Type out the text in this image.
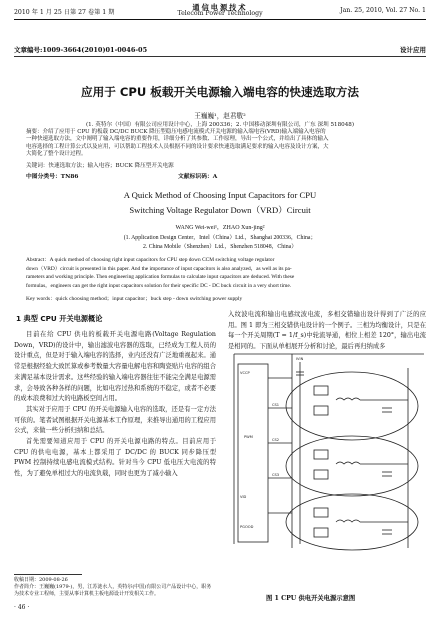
2010 年 1 月 25 日第 27 卷第 1 期
通信电源技术
Telecom Power Technology	Jan. 25, 2010, Vol. 27 No. 1
文章编号:1009-3664(2010)01-0046-05	设计应用
应用于 CPU 板载开关电源输入端电容的快速选取方法
王巍巍¹，赵君敬²
(1. 英特尔（中国）有限公司应用设计中心，上海 200336；2. 中国移动深圳有限公司，广东 深圳 518048)

摘要：介绍了应用于 CPU 的板载 DC/DC BUCK 降压型稳压电感电流模式开关电源的输入端电容(VRD)输入端输入电容的

一种快速选取方法，文中阐明了输入端电容的重要作用，详细分析了其参数、工作原理，导出一个公式，并给出了具体的输入

电容选择的工程计算公式以及应用，可以帮助工程技术人员根据不同的设计要求快速选取满足要求的输入电容及设计方案，大

大简化了整个设计过程。

关键词：快速选取方法；输入电容；BUCK 降压型开关电源
中图分类号：TN86	文献标识码：A
A Quick Method of Choosing Input Capacitors for CPU
Switching Voltage Regulator Down（VRD）Circuit
WANG Wei-wei¹，ZHAO Xun-jing²
(1. Application Design Center，Intel（China）Ltd.，Shanghai 200336，China；
2. China Mobile（Shenzhen）Ltd.，Shenzhen 518048，China）

Abstract：A quick method of choosing right input capacitors for CPU step down CCM switching voltage regulator

down（VRD）circuit is presented in this paper. And the importance of input capacitors is also analyzed，as well as its pa-

rameters and working principle. Then engineering application formulas to calculate input capacitors are deduced. With these

formulas，engineers can get the right input capacitors solution for their specific DC - DC buck circuit in a very short time.

Key words：quick choosing method；input capacitor；buck step - down switching power supply
1 典型 CPU 开关电源概论

目前在给 CPU 供电的板载开关电源电路(Voltage Regulation Down，VRD)的设计中，输出滤波电容器的选取，已经成为工程人员的设计重点，但是对于输入端电容的选择，业内还没有广泛地重视起来。通常是根据经验大致匡算或参考数量大容量电解电容和陶瓷贴片电容的组合来满足基本设计需求。这些经验的输入端电容器往往不能完全满足电源需求，会导致各种各样的问题，比如电容过热和系统的不稳定，或者不必要的成本浪费和过大的电路板空间占用。

其实对于应用于 CPU 的开关电源输入电容的选取，还是有一定方法可依的。笔者试图根据开关电源基本工作原理，来推导出通用的工程应用公式，来做一些分析归纳和总结。

首先需要知道应用于 CPU 的开关电源电路的特点。目前应用于 CPU 的供电电源，基本上都采用了 DC/DC 的 BUCK 同步降压型 PWM 控制持续电感电流模式结构。针对当今 CPU 低电压大电流的特性，为了避免单相过大的电流负载，同时也更为了减小输入

收稿日期：2009-08-26
作者简介：王巍巍(1979-)，男，江苏涟水人，英特尔(中国)有限公司产品设计中心，职务为技术专业工程师，主要从事计算机主板电源设计开发相关工作。
· 46 ·

入纹波电流和输出电感纹波电流，多相交错输出设计得到了广泛的应用。图 1 即为三相交错供电设计的一个例子。三相为均衡设计，只是在每一个开关周期(T = 1/f_s)中轮流导通，相位上相差 120°，输出电流是相同的。下面从单相展开分析和讨论，最后再归纳成多

VCCP
PWM
IVIN
CS1
CS2
CS3
VID
PGOOD
图 1 CPU 供电开关电源示意图
